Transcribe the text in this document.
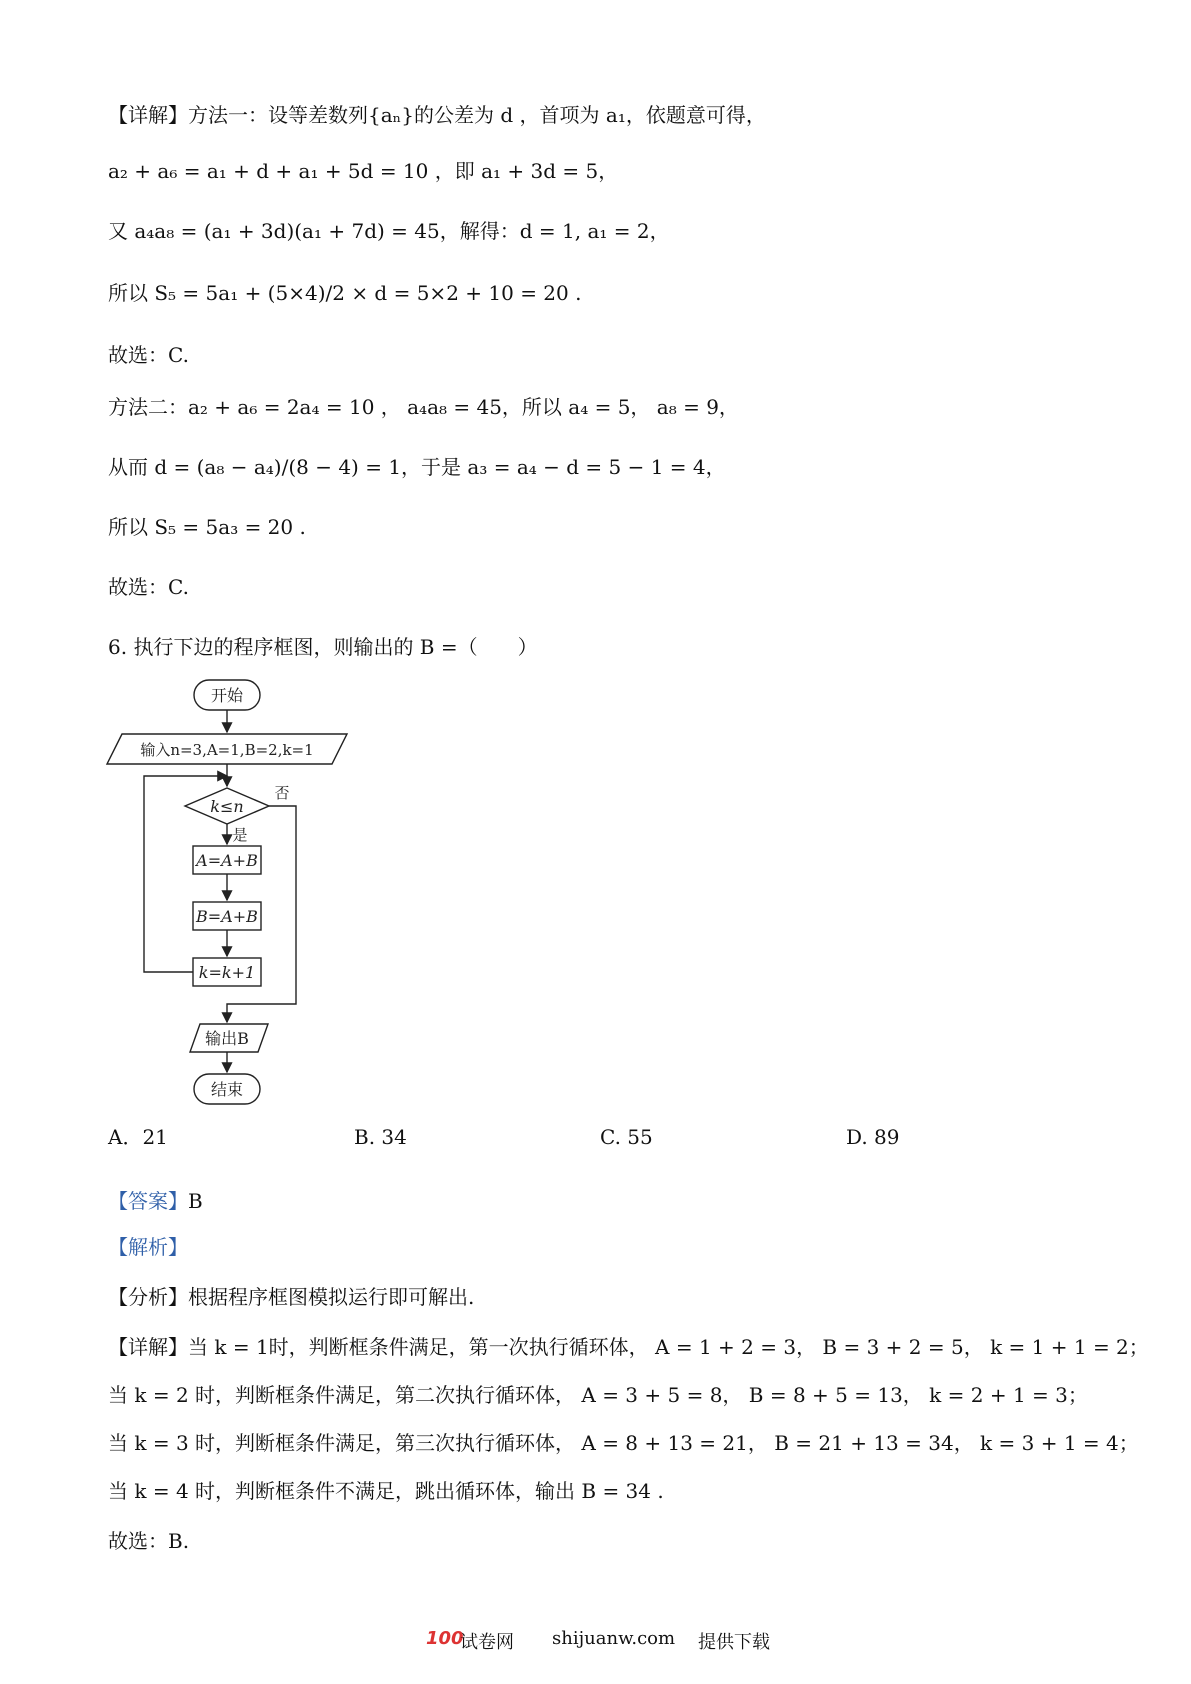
【详解】方法一：设等差数列{aₙ}的公差为 d ，首项为 a₁，依题意可得，
a₂ + a₆ = a₁ + d + a₁ + 5d = 10 ，即 a₁ + 3d = 5，
又 a₄a₈ = (a₁ + 3d)(a₁ + 7d) = 45，解得：d = 1, a₁ = 2，
所以 S₅ = 5a₁ + (5×4)/2 × d = 5×2 + 10 = 20 .
故选：C.
方法二：a₂ + a₆ = 2a₄ = 10 ， a₄a₈ = 45，所以 a₄ = 5， a₈ = 9，
从而 d = (a₈ − a₄)/(8 − 4) = 1，于是 a₃ = a₄ − d = 5 − 1 = 4，
所以 S₅ = 5a₃ = 20 .
故选：C.
6. 执行下边的程序框图，则输出的 B =（　　）
开始
输入n=3,A=1,B=2,k=1
k≤n
否
是
A=A+B
B=A+B
k=k+1
输出B
结束
A．21	B. 34	C. 55	D. 89
【答案】B
【解析】
【分析】根据程序框图模拟运行即可解出.
【详解】当 k = 1时，判断框条件满足，第一次执行循环体， A = 1 + 2 = 3， B = 3 + 2 = 5， k = 1 + 1 = 2；
当 k = 2 时，判断框条件满足，第二次执行循环体， A = 3 + 5 = 8， B = 8 + 5 = 13， k = 2 + 1 = 3；
当 k = 3 时，判断框条件满足，第三次执行循环体， A = 8 + 13 = 21， B = 21 + 13 = 34， k = 3 + 1 = 4；
当 k = 4 时，判断框条件不满足，跳出循环体，输出 B = 34 .
故选：B.
100
试卷网 shijuanw.com 提供下载
